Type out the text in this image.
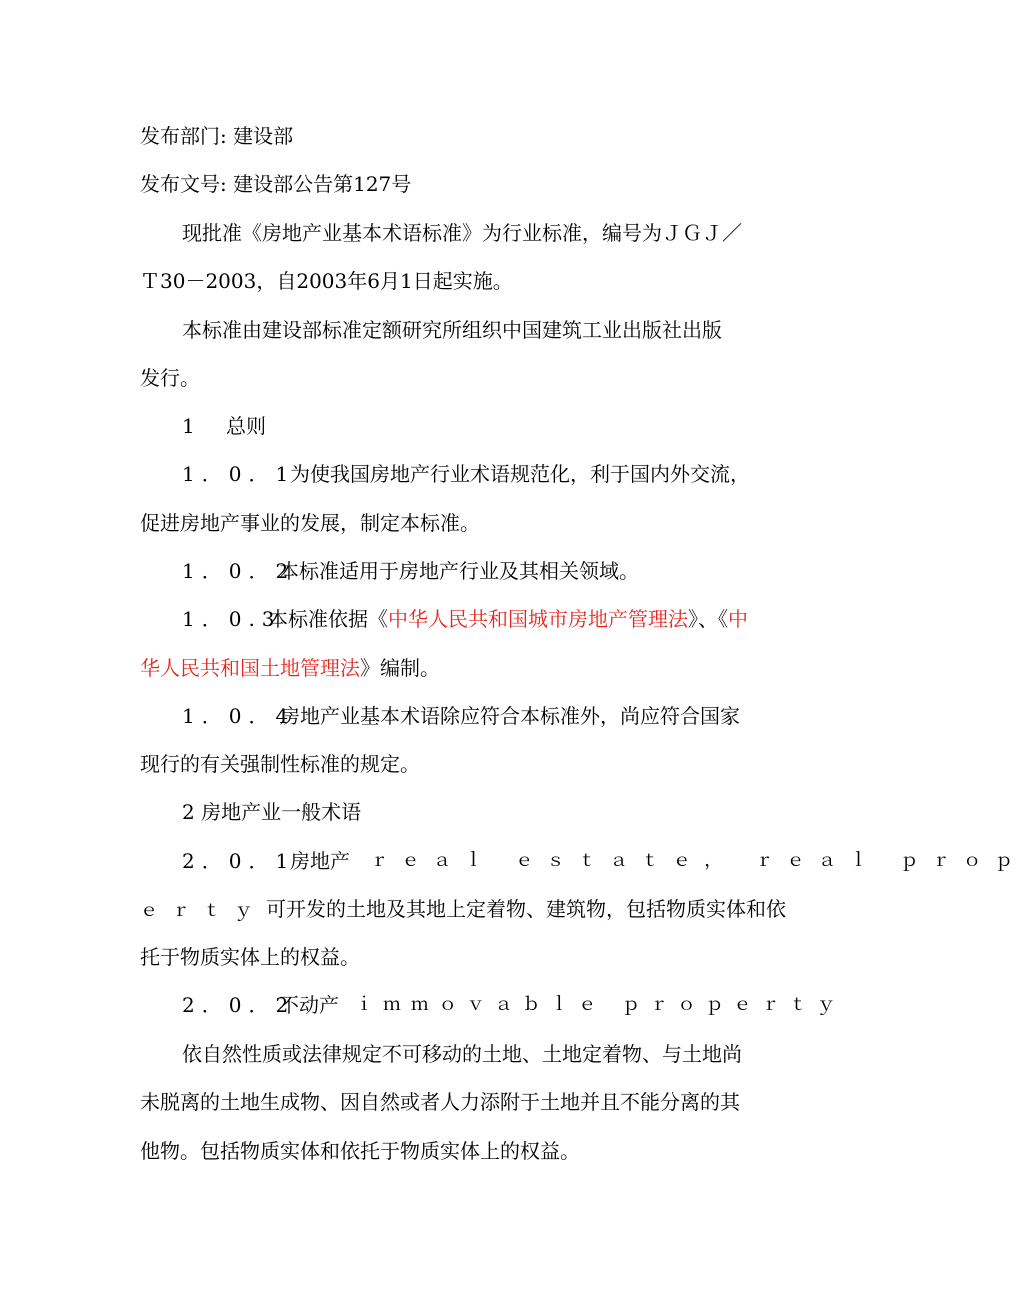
发布部门: 建设部
发布文号: 建设部公告第127号
现批准《房地产业基本术语标准》为行业标准，编号为ＪＧＪ／
Ｔ30－2003，自2003年6月1日起实施。
本标准由建设部标准定额研究所组织中国建筑工业出版社出版
发行。
1 总则
1．0．1
为使我国房地产行业术语规范化，利于国内外交流，
促进房地产事业的发展，制定本标准。
1．0．2
本标准适用于房地产行业及其相关领域。
1．0.3
本标准依据《中华人民共和国城市房地产管理法》、《中
华人民共和国土地管理法》编制。
1．0．4
房地产业基本术语除应符合本标准外，尚应符合国家
现行的有关强制性标准的规定。
2 房地产业一般术语
2．0．1
房地产 ｒｅａｌ ｅｓｔａｔｅ， ｒｅａｌ ｐｒｏｐ
ｅｒｔｙ可开发的土地及其地上定着物、建筑物，包括物质实体和依
托于物质实体上的权益。
2．0．2
不动产 ｉｍｍｏｖａｂｌｅ ｐｒｏｐｅｒｔｙ
依自然性质或法律规定不可移动的土地、土地定着物、与土地尚
未脱离的土地生成物、因自然或者人力添附于土地并且不能分离的其
他物。包括物质实体和依托于物质实体上的权益。
